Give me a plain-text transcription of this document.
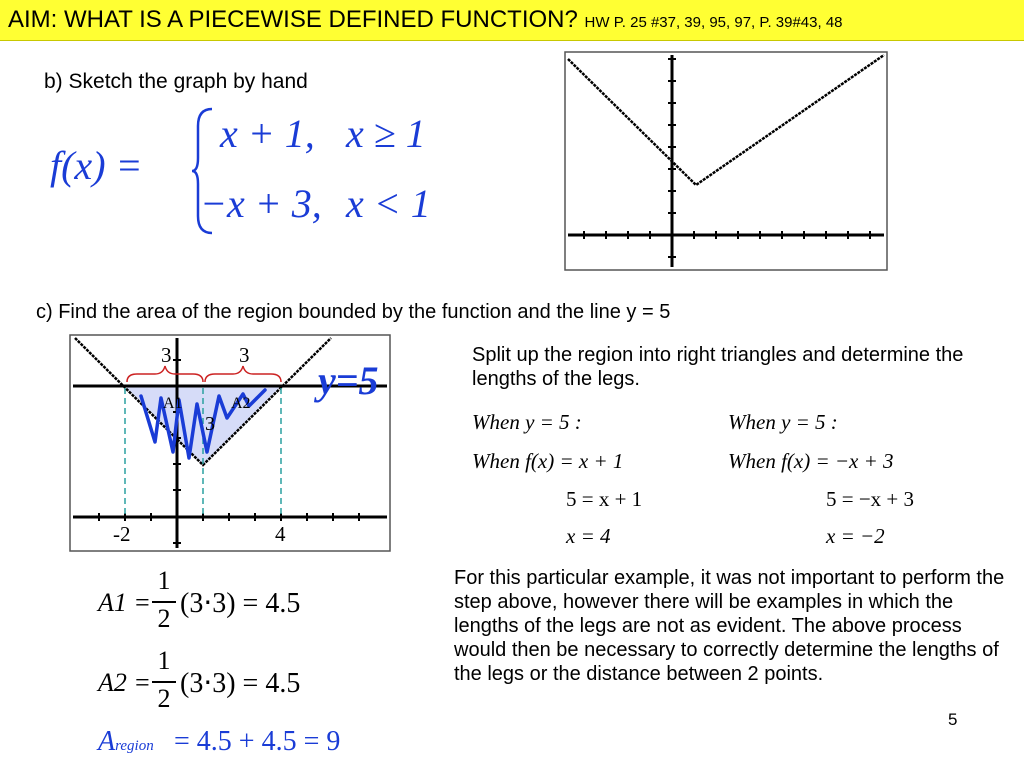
AIM: WHAT IS A PIECEWISE DEFINED FUNCTION? HW P. 25 #37, 39, 95, 97, P. 39#43, 48
b) Sketch the graph by hand
f(x) =
x + 1, x ≥ 1
−x + 3, x < 1
c) Find the area of the region bounded by the function and the line y = 5
3	3
A1	A2
3
-2	4
y=5
Split up the region into right triangles and determine the lengths of the legs.
When y = 5 :
When f(x) = x + 1
5 = x + 1
x = 4
When y = 5 :
When f(x) = −x + 3
5 = −x + 3
x = −2
A1 =
1
2 (3⋅3) = 4.5
A2 =
1
2 (3⋅3) = 4.5
Aregion = 4.5 + 4.5 = 9
For this particular example, it was not important to perform the step above, however there will be examples in which the lengths of the legs are not as evident. The above process would then be necessary to correctly determine the lengths of the legs or the distance between 2 points.
5
